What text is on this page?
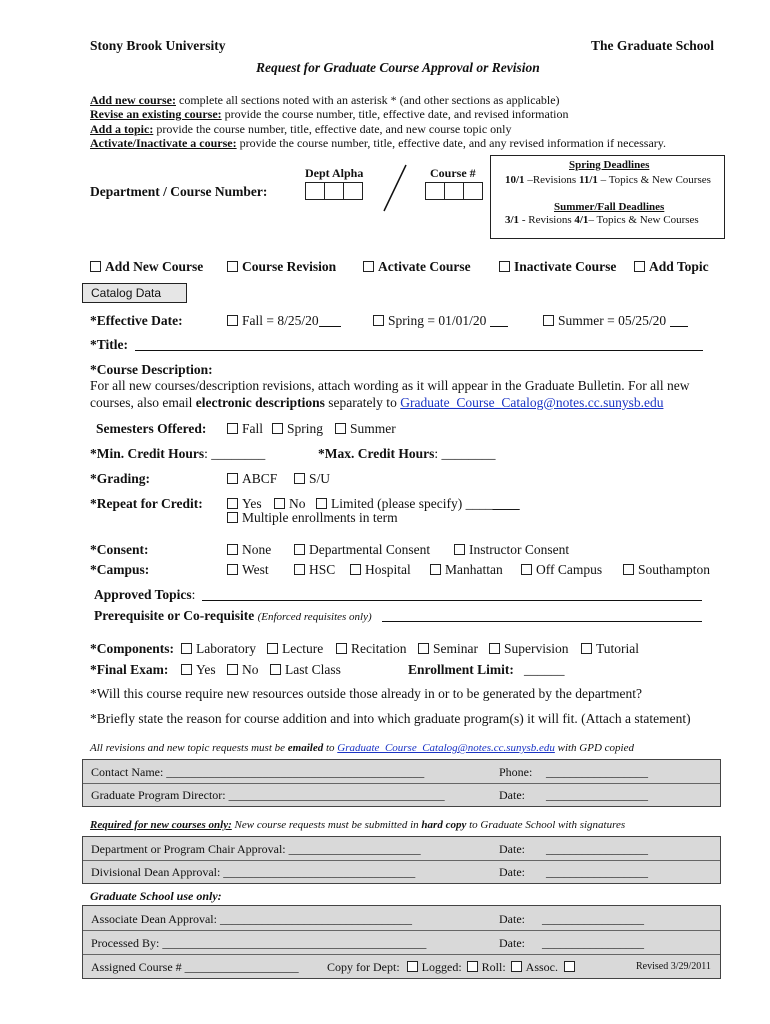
Stony Brook University	The Graduate School
Request for Graduate Course Approval or Revision
Add new course: complete all sections noted with an asterisk * (and other sections as applicable)
Revise an existing course: provide the course number, title, effective date, and revised information
Add a topic: provide the course number, title, effective date, and new course topic only
Activate/Inactivate a course: provide the course number, title, effective date, and any revised information if necessary.
Department / Course Number:
Dept Alpha	Course #
Spring Deadlines
10/1 –Revisions 11/1 – Topics & New Courses
Summer/Fall Deadlines
3/1 - Revisions 4/1– Topics & New Courses
Add New Course	Course Revision	Activate Course	Inactivate Course	Add Topic
Catalog Data
*Effective Date:	Fall = 8/25/20	Spring = 01/01/20	Summer = 05/25/20
*Title:
*Course Description:
For all new courses/description revisions, attach wording as it will appear in the Graduate Bulletin. For all new
courses, also email electronic descriptions separately to Graduate_Course_Catalog@notes.cc.sunysb.edu
Semesters Offered:	Fall	Spring	Summer
*Min. Credit Hours: ________	*Max. Credit Hours: ________
*Grading:	ABCF	S/U
*Repeat for Credit:	Yes	No	Limited (please specify) ________
Multiple enrollments in term
*Consent:	None	Departmental Consent	Instructor Consent
*Campus:	West	HSC	Hospital	Manhattan	Off Campus	Southampton
Approved Topics:
Prerequisite or Co-requisite (Enforced requisites only)
*Components:	Laboratory	Lecture	Recitation	Seminar	Supervision	Tutorial
*Final Exam:	Yes	No	Last Class	Enrollment Limit: ______
*Will this course require new resources outside those already in or to be generated by the department?
*Briefly state the reason for course addition and into which graduate program(s) it will fit. (Attach a statement)
All revisions and new topic requests must be emailed to Graduate_Course_Catalog@notes.cc.sunysb.edu with GPD copied
Contact Name: ___________________________________________	Phone: _________________
Graduate Program Director: ____________________________________	Date: _________________
Required for new courses only: New course requests must be submitted in hard copy to Graduate School with signatures
Department or Program Chair Approval: ______________________	Date: _________________
Divisional Dean Approval: ________________________________	Date: _________________
Graduate School use only:
Associate Dean Approval: ________________________________	Date: _________________
Processed By: ____________________________________________	Date: _________________
Assigned Course # ___________________ Copy for Dept: Logged: Roll: Assoc.	Revised 3/29/2011
